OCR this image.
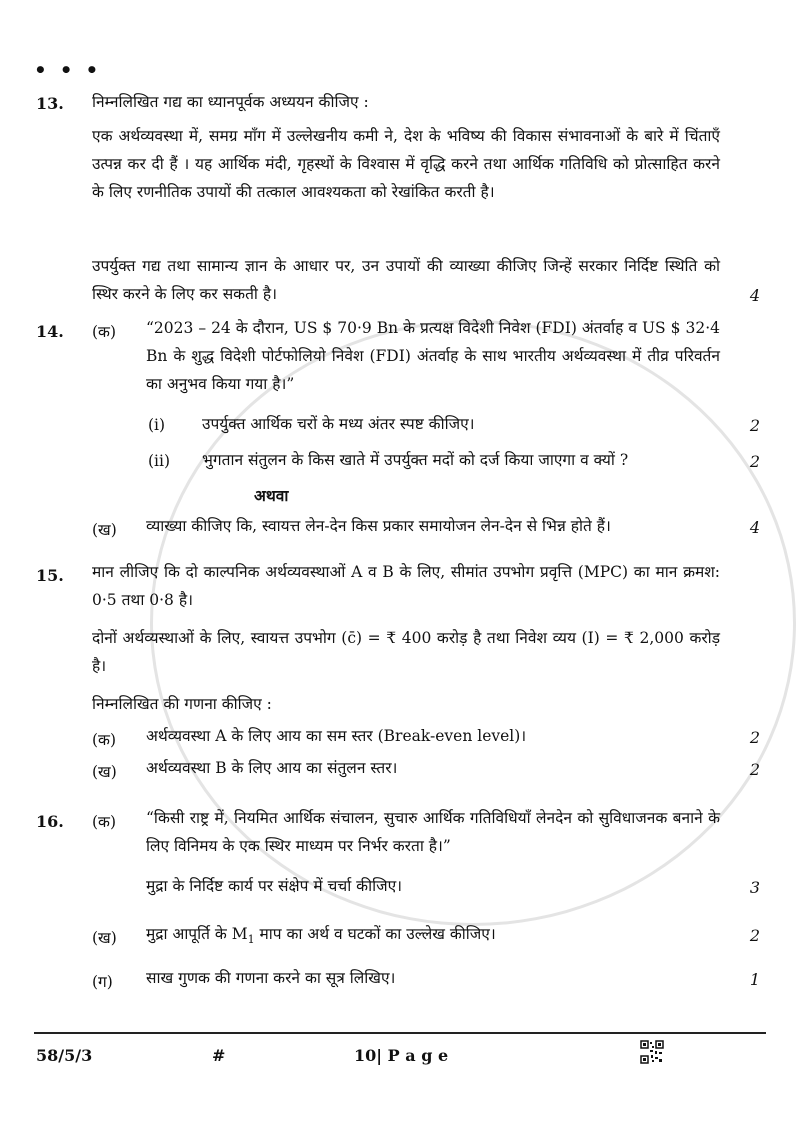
• • •
13. निम्नलिखित गद्य का ध्यानपूर्वक अध्ययन कीजिए :
एक अर्थव्यवस्था में, समग्र माँग में उल्लेखनीय कमी ने, देश के भविष्य की विकास संभावनाओं के बारे में चिंताएँ उत्पन्न कर दी हैं । यह आर्थिक मंदी, गृहस्थों के विश्वास में वृद्धि करने तथा आर्थिक गतिविधि को प्रोत्साहित करने के लिए रणनीतिक उपायों की तत्काल आवश्यकता को रेखांकित करती है।
उपर्युक्त गद्य तथा सामान्य ज्ञान के आधार पर, उन उपायों की व्याख्या कीजिए जिन्हें सरकार निर्दिष्ट स्थिति को स्थिर करने के लिए कर सकती है।	4
14. (क) “2023 – 24 के दौरान, US $ 70·9 Bn के प्रत्यक्ष विदेशी निवेश (FDI) अंतर्वाह व US $ 32·4 Bn के शुद्ध विदेशी पोर्टफोलियो निवेश (FDI) अंतर्वाह के साथ भारतीय अर्थव्यवस्था में तीव्र परिवर्तन का अनुभव किया गया है।”
(i) उपर्युक्त आर्थिक चरों के मध्य अंतर स्पष्ट कीजिए।	2
(ii) भुगतान संतुलन के किस खाते में उपर्युक्त मदों को दर्ज किया जाएगा व क्यों ?	2
अथवा
(ख) व्याख्या कीजिए कि, स्वायत्त लेन-देन किस प्रकार समायोजन लेन-देन से भिन्न होते हैं।	4
15. मान लीजिए कि दो काल्पनिक अर्थव्यवस्थाओं A व B के लिए, सीमांत उपभोग प्रवृत्ति (MPC) का मान क्रमश: 0·5 तथा 0·8 है।
दोनों अर्थव्यस्थाओं के लिए, स्वायत्त उपभोग (c̄) = ₹ 400 करोड़ है तथा निवेश व्यय (I) = ₹ 2,000 करोड़ है।
निम्नलिखित की गणना कीजिए :
(क) अर्थव्यवस्था A के लिए आय का सम स्तर (Break-even level)।	2
(ख) अर्थव्यवस्था B के लिए आय का संतुलन स्तर।	2
16. (क) “किसी राष्ट्र में, नियमित आर्थिक संचालन, सुचारु आर्थिक गतिविधियाँ लेनदेन को सुविधाजनक बनाने के लिए विनिमय के एक स्थिर माध्यम पर निर्भर करता है।”
मुद्रा के निर्दिष्ट कार्य पर संक्षेप में चर्चा कीजिए।	3
(ख) मुद्रा आपूर्ति के $M_1$ माप का अर्थ व घटकों का उल्लेख कीजिए।	2
(ग) साख गुणक की गणना करने का सूत्र लिखिए।	1
58/5/3	#	10| P a g e
